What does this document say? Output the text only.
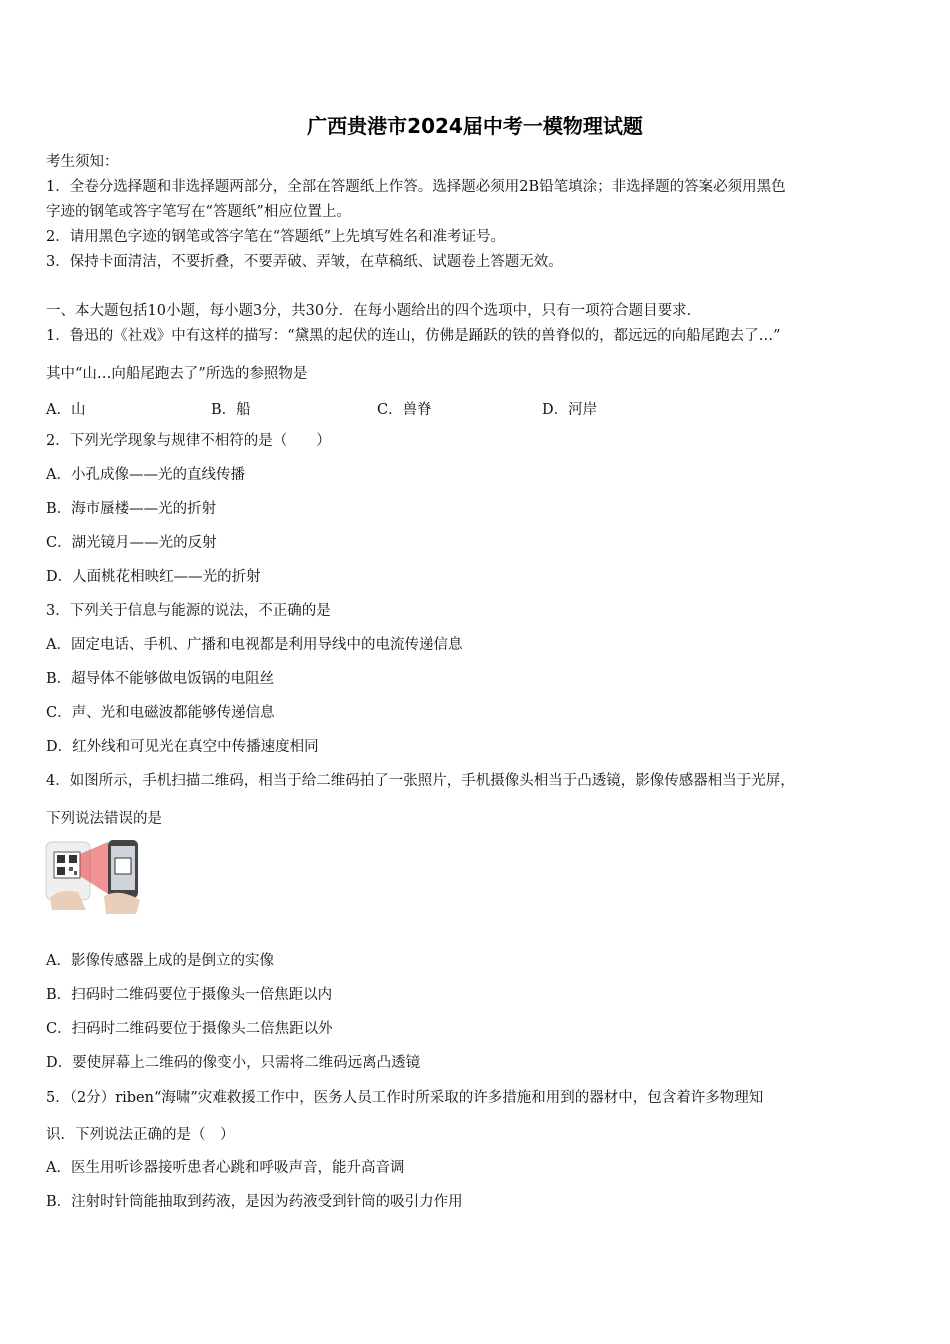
广西贵港市2024届中考一模物理试题
考生须知：
1．全卷分选择题和非选择题两部分，全部在答题纸上作答。选择题必须用2B铅笔填涂；非选择题的答案必须用黑色
字迹的钢笔或答字笔写在“答题纸”相应位置上。
2．请用黑色字迹的钢笔或答字笔在“答题纸”上先填写姓名和准考证号。
3．保持卡面清洁，不要折叠，不要弄破、弄皱，在草稿纸、试题卷上答题无效。
一、本大题包括10小题，每小题3分，共30分．在每小题给出的四个选项中，只有一项符合题目要求．
1．鲁迅的《社戏》中有这样的描写：“黛黑的起伏的连山，仿佛是踊跃的铁的兽脊似的，都远远的向船尾跑去了…”
其中“山…向船尾跑去了”所选的参照物是
A．山	B．船	C．兽脊	D．河岸
2．下列光学现象与规律不相符的是（　　）
A．小孔成像——光的直线传播
B．海市蜃楼——光的折射
C．湖光镜月——光的反射
D．人面桃花相映红——光的折射
3．下列关于信息与能源的说法，不正确的是
A．固定电话、手机、广播和电视都是利用导线中的电流传递信息
B．超导体不能够做电饭锅的电阻丝
C．声、光和电磁波都能够传递信息
D．红外线和可见光在真空中传播速度相同
4．如图所示，手机扫描二维码，相当于给二维码拍了一张照片，手机摄像头相当于凸透镜，影像传感器相当于光屏，
下列说法错误的是
A．影像传感器上成的是倒立的实像
B．扫码时二维码要位于摄像头一倍焦距以内
C．扫码时二维码要位于摄像头二倍焦距以外
D．要使屏幕上二维码的像变小，只需将二维码远离凸透镜
5．（2分）riben“海啸”灾难救援工作中，医务人员工作时所采取的许多措施和用到的器材中，包含着许多物理知
识．下列说法正确的是（　）
A．医生用听诊器接听患者心跳和呼吸声音，能升高音调
B．注射时针筒能抽取到药液，是因为药液受到针筒的吸引力作用
